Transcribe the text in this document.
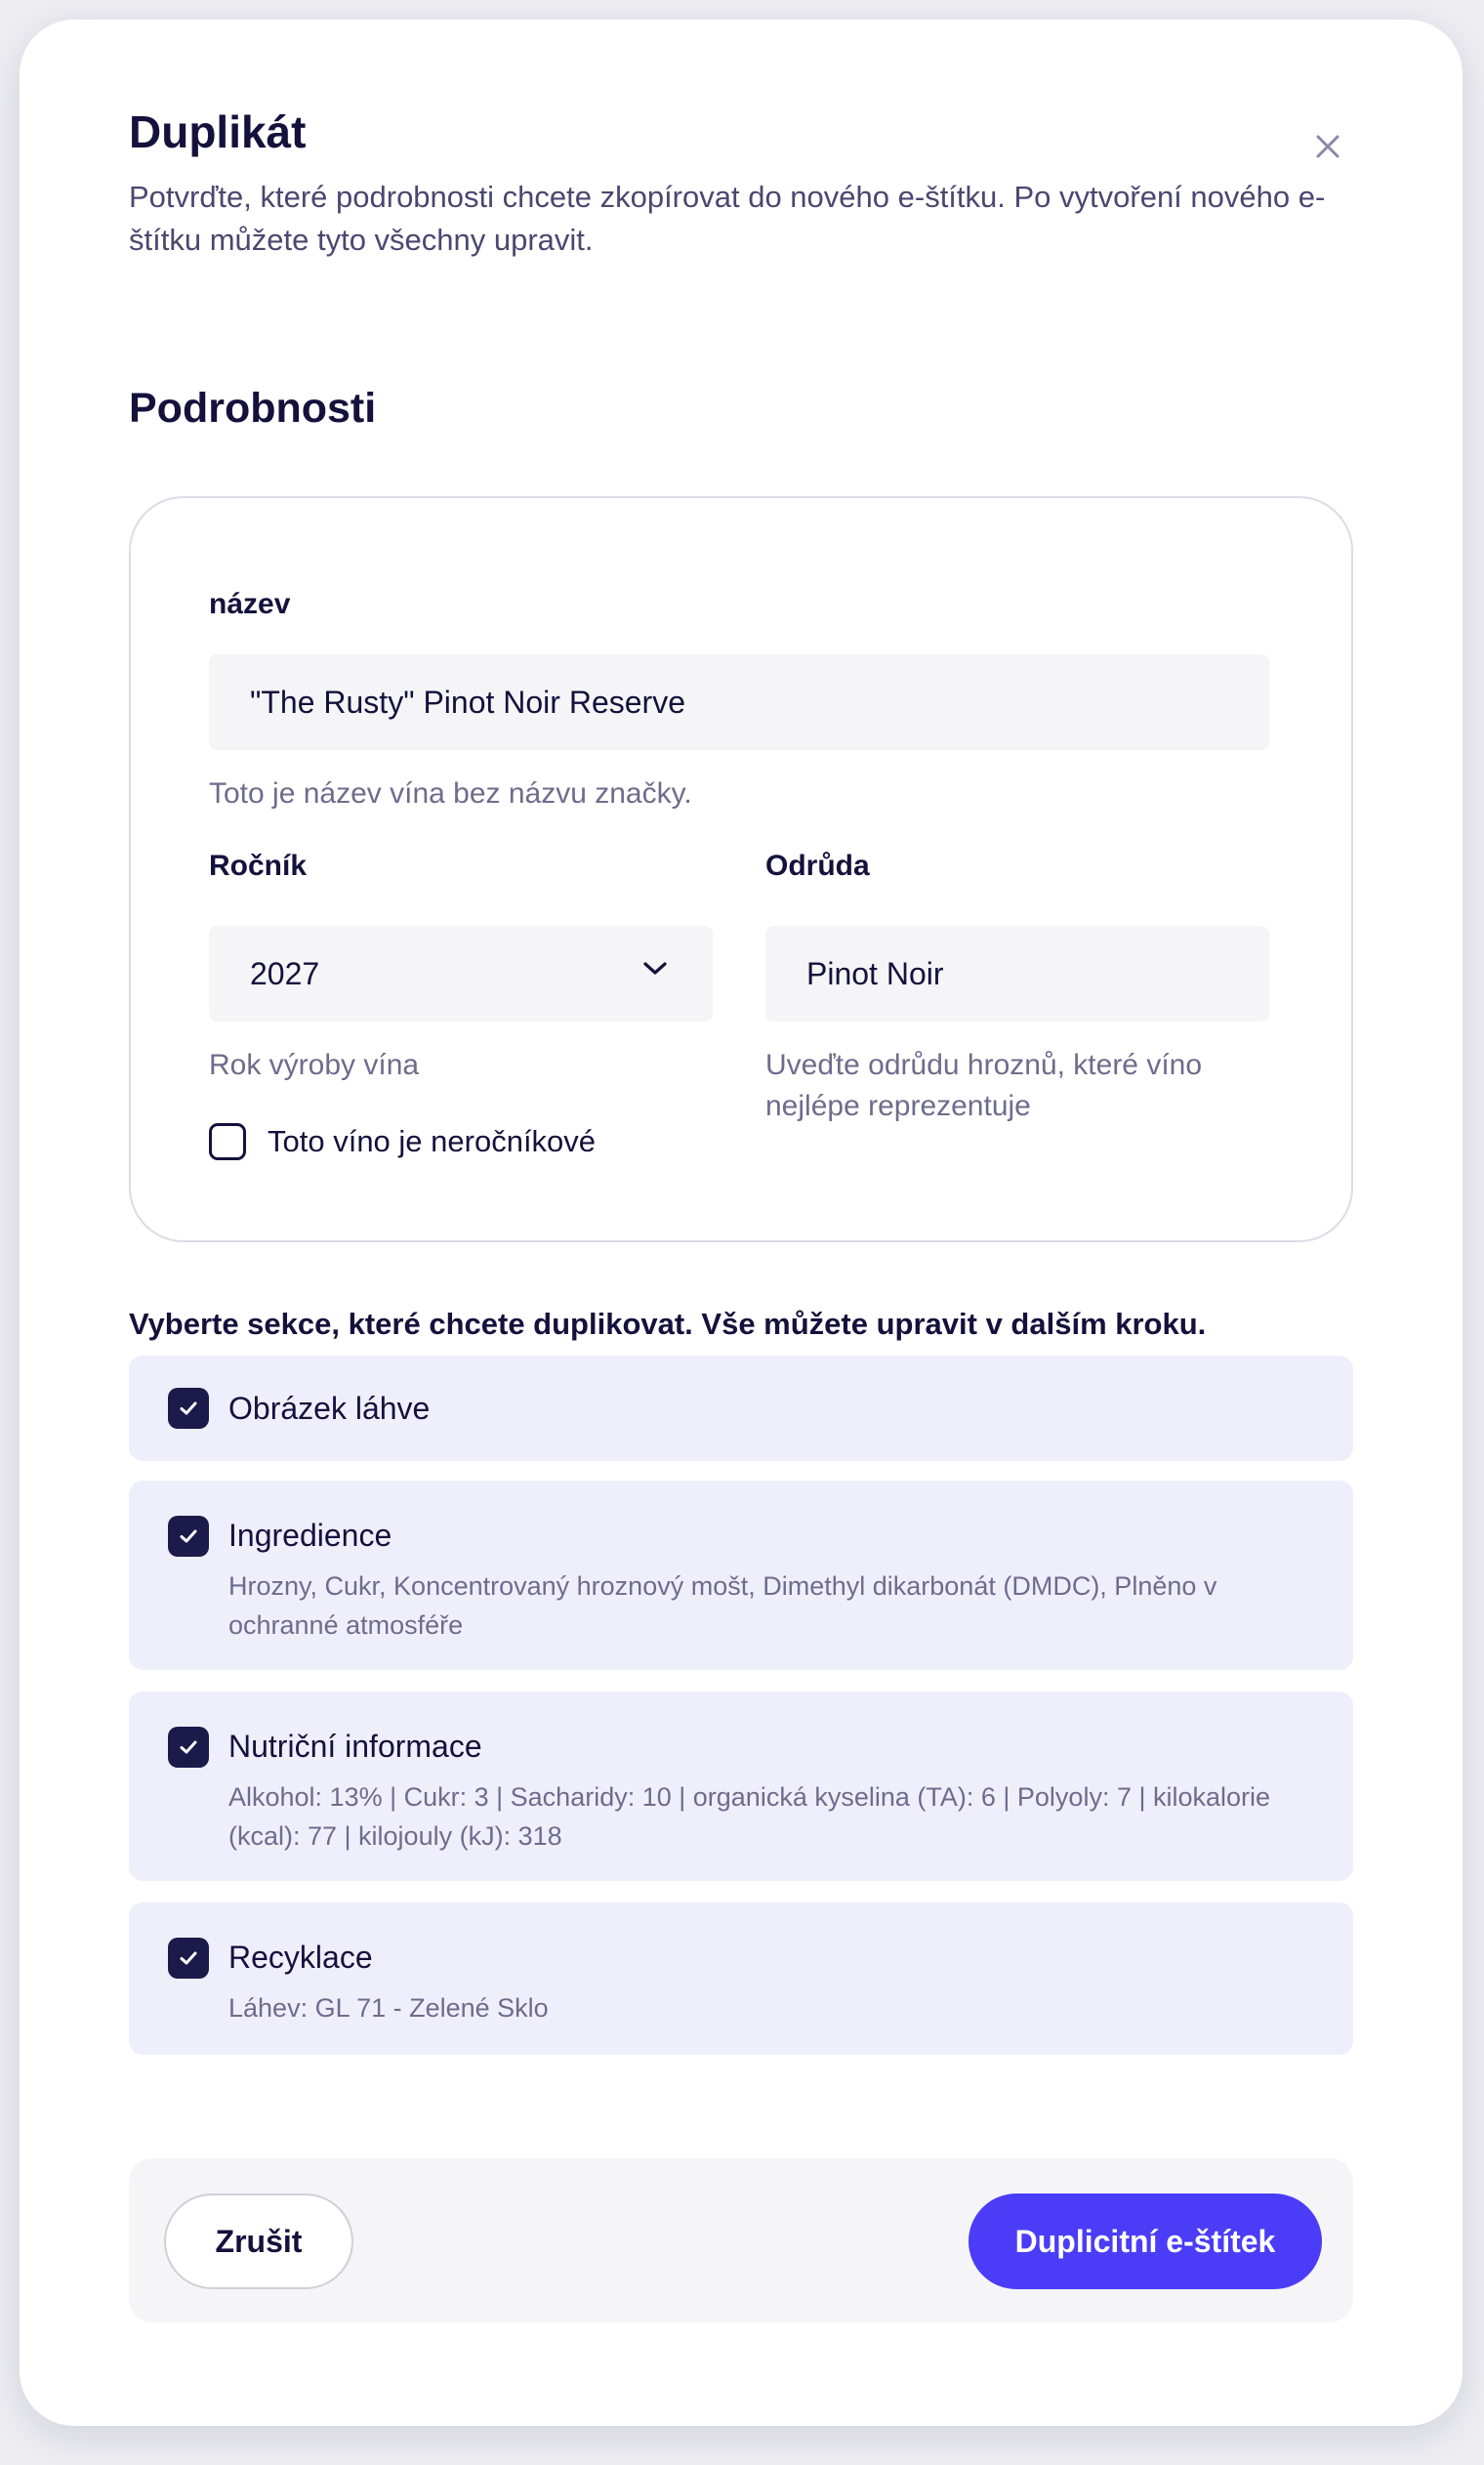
Duplikát

Potvrďte, které podrobnosti chcete zkopírovat do nového e-štítku. Po vytvoření nového e-štítku můžete tyto všechny upravit.

Podrobnosti
název
"The Rusty" Pinot Noir Reserve
Toto je název vína bez názvu značky.
Ročník
2027
Rok výroby vína
Odrůda
Pinot Noir
Uveďte odrůdu hroznů, které víno nejlépe reprezentuje
Toto víno je neročníkové
Vyberte sekce, které chcete duplikovat. Vše můžete upravit v dalším kroku.
Obrázek láhve
Ingredience
Hrozny, Cukr, Koncentrovaný hroznový mošt, Dimethyl dikarbonát (DMDC), Plněno v ochranné atmosféře
Nutriční informace
Alkohol: 13% | Cukr: 3 | Sacharidy: 10 | organická kyselina (TA): 6 | Polyoly: 7 | kilokalorie (kcal): 77 | kilojouly (kJ): 318
Recyklace
Láhev: GL 71 - Zelené Sklo
Zrušit	Duplicitní e-štítek
